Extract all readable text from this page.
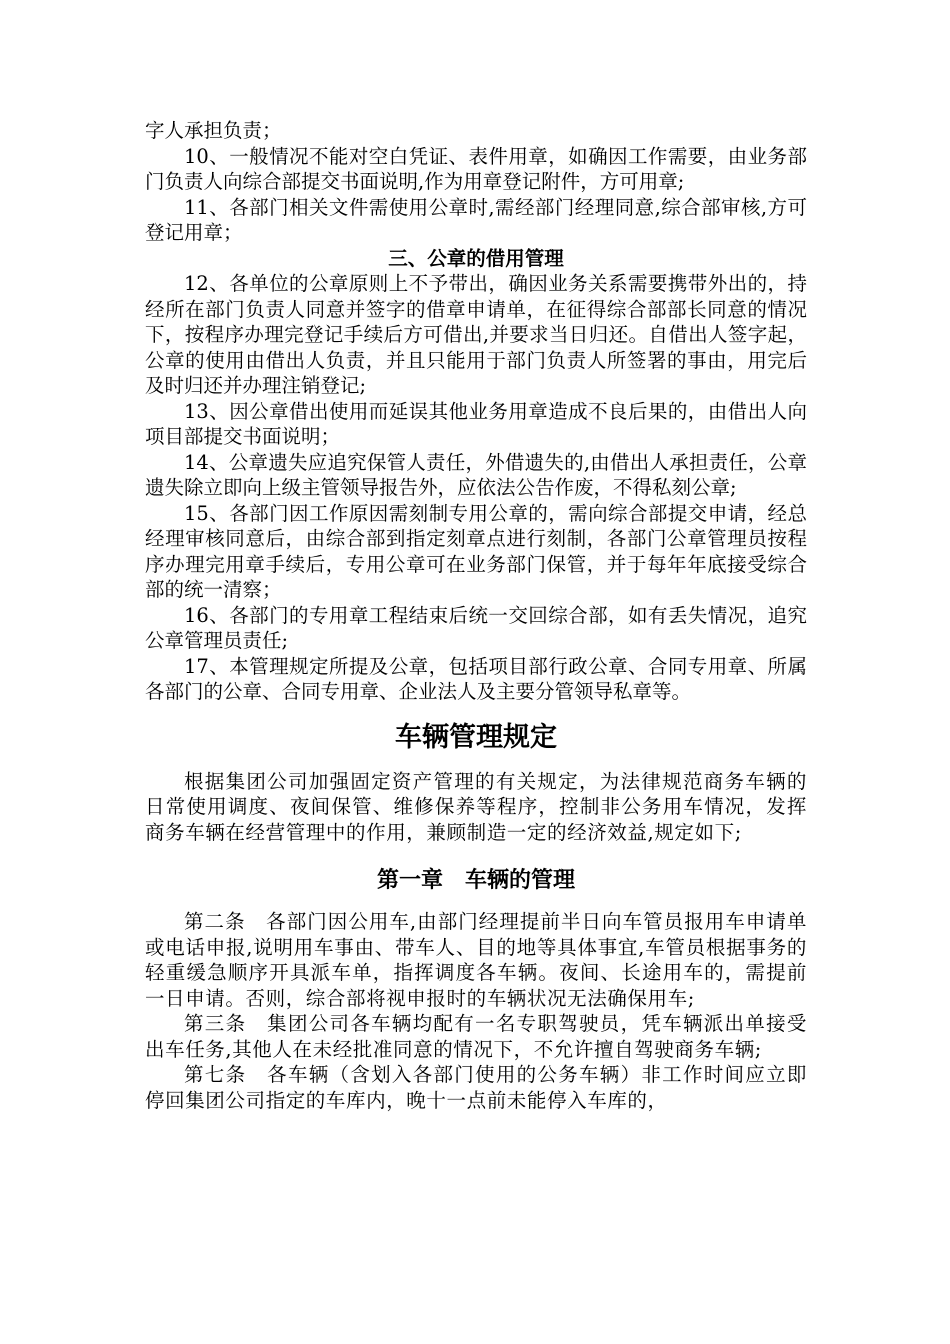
字人承担负责；

10、一般情况不能对空白凭证、表件用章，如确因工作需要，由业务部门负责人向综合部提交书面说明,作为用章登记附件，方可用章;

11、各部门相关文件需使用公章时,需经部门经理同意,综合部审核,方可登记用章；

三、公章的借用管理

12、各单位的公章原则上不予带出，确因业务关系需要携带外出的，持经所在部门负责人同意并签字的借章申请单，在征得综合部部长同意的情况下，按程序办理完登记手续后方可借出,并要求当日归还。自借出人签字起，公章的使用由借出人负责，并且只能用于部门负责人所签署的事由，用完后及时归还并办理注销登记;

13、因公章借出使用而延误其他业务用章造成不良后果的，由借出人向项目部提交书面说明；

14、公章遗失应追究保管人责任，外借遗失的,由借出人承担责任，公章遗失除立即向上级主管领导报告外，应依法公告作废，不得私刻公章;

15、各部门因工作原因需刻制专用公章的，需向综合部提交申请，经总经理审核同意后，由综合部到指定刻章点进行刻制，各部门公章管理员按程序办理完用章手续后，专用公章可在业务部门保管，并于每年年底接受综合部的统一清察；

16、各部门的专用章工程结束后统一交回综合部，如有丢失情况，追究公章管理员责任;

17、本管理规定所提及公章，包括项目部行政公章、合同专用章、所属各部门的公章、合同专用章、企业法人及主要分管领导私章等。

车辆管理规定

根据集团公司加强固定资产管理的有关规定，为法律规范商务车辆的日常使用调度、夜间保管、维修保养等程序，控制非公务用车情况，发挥商务车辆在经营管理中的作用，兼顾制造一定的经济效益,规定如下;

第一章　车辆的管理

第二条　各部门因公用车,由部门经理提前半日向车管员报用车申请单或电话申报,说明用车事由、带车人、目的地等具体事宜,车管员根据事务的轻重缓急顺序开具派车单，指挥调度各车辆。夜间、长途用车的，需提前一日申请。否则，综合部将视申报时的车辆状况无法确保用车;

第三条　集团公司各车辆均配有一名专职驾驶员，凭车辆派出单接受出车任务,其他人在未经批准同意的情况下，不允许擅自驾驶商务车辆;

第七条　各车辆（含划入各部门使用的公务车辆）非工作时间应立即停回集团公司指定的车库内，晚十一点前未能停入车库的，
